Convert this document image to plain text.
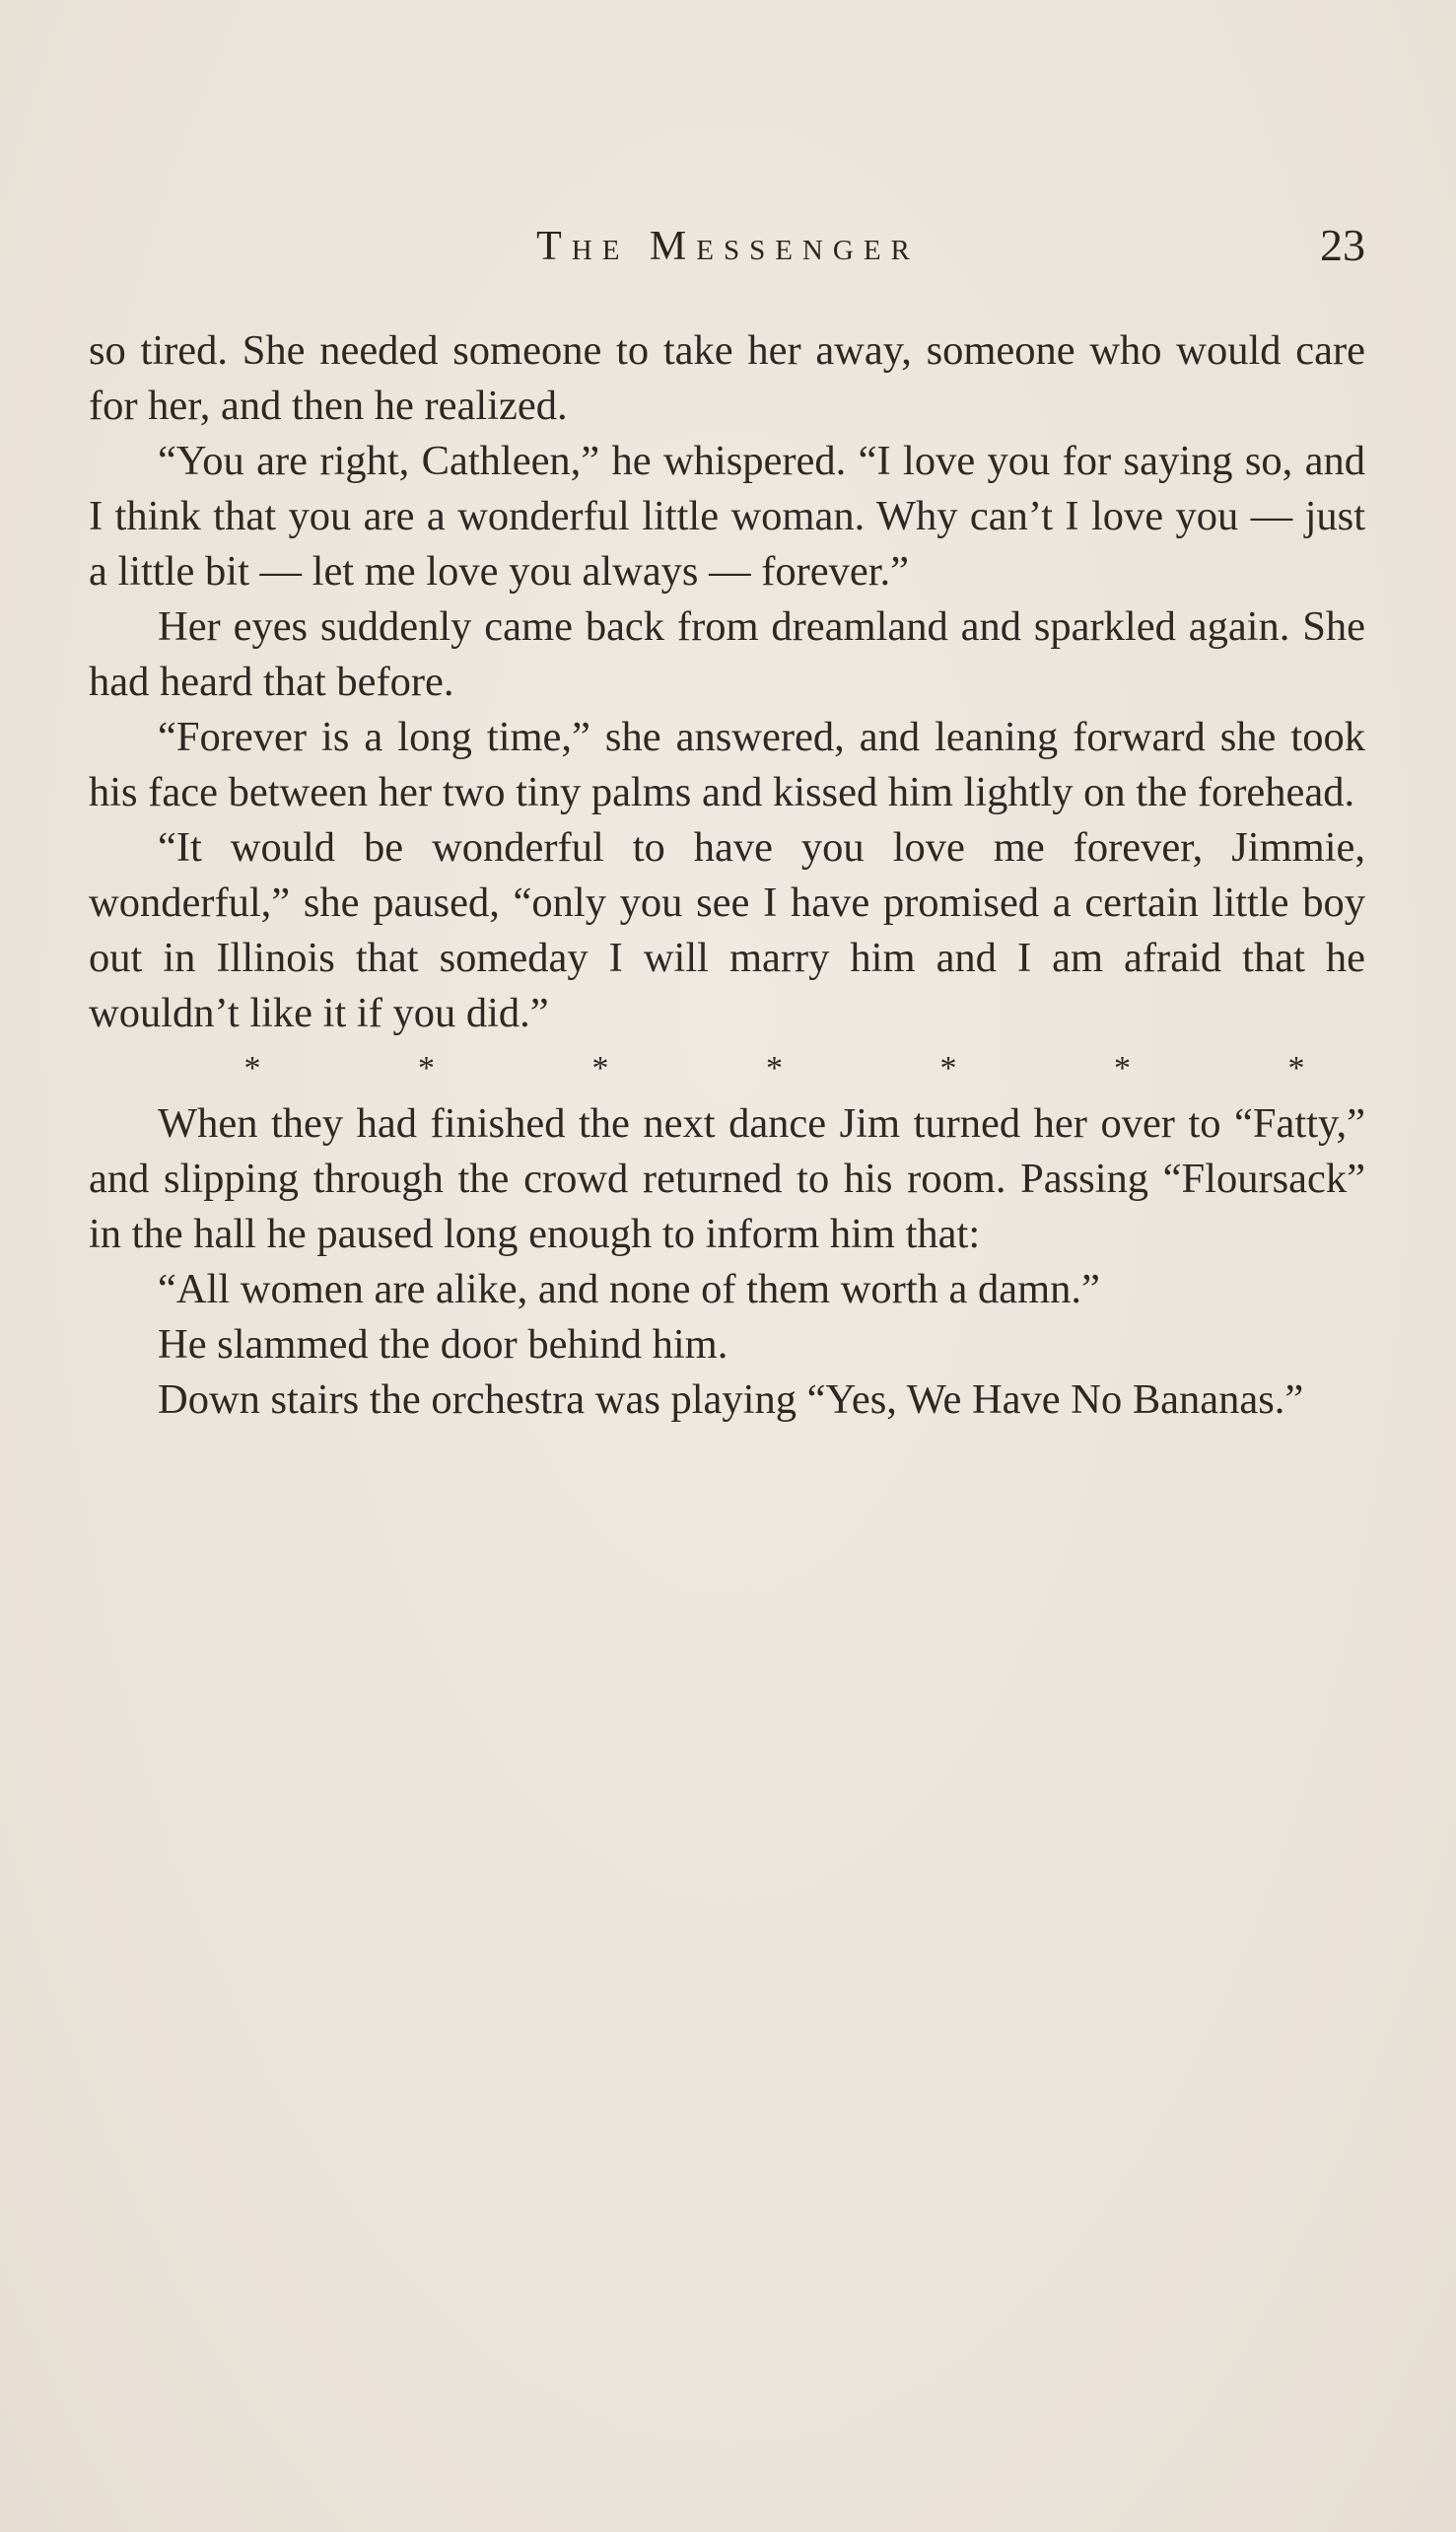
The Messenger	23

so tired. She needed someone to take her away, someone who would care for her, and then he realized.

“You are right, Cathleen,” he whispered. “I love you for saying so, and I think that you are a wonderful little woman. Why can’t I love you — just a little bit — let me love you always — forever.”

Her eyes suddenly came back from dreamland and sparkled again. She had heard that before.

“Forever is a long time,” she answered, and leaning forward she took his face between her two tiny palms and kissed him lightly on the forehead.

“It would be wonderful to have you love me forever, Jimmie, wonderful,” she paused, “only you see I have promised a certain little boy out in Illinois that someday I will marry him and I am afraid that he wouldn’t like it if you did.”

*	*	*	*	*	*	*

When they had finished the next dance Jim turned her over to “Fatty,” and slipping through the crowd returned to his room. Passing “Floursack” in the hall he paused long enough to inform him that:

“All women are alike, and none of them worth a damn.”

He slammed the door behind him.

Down stairs the orchestra was playing “Yes, We Have No Bananas.”
